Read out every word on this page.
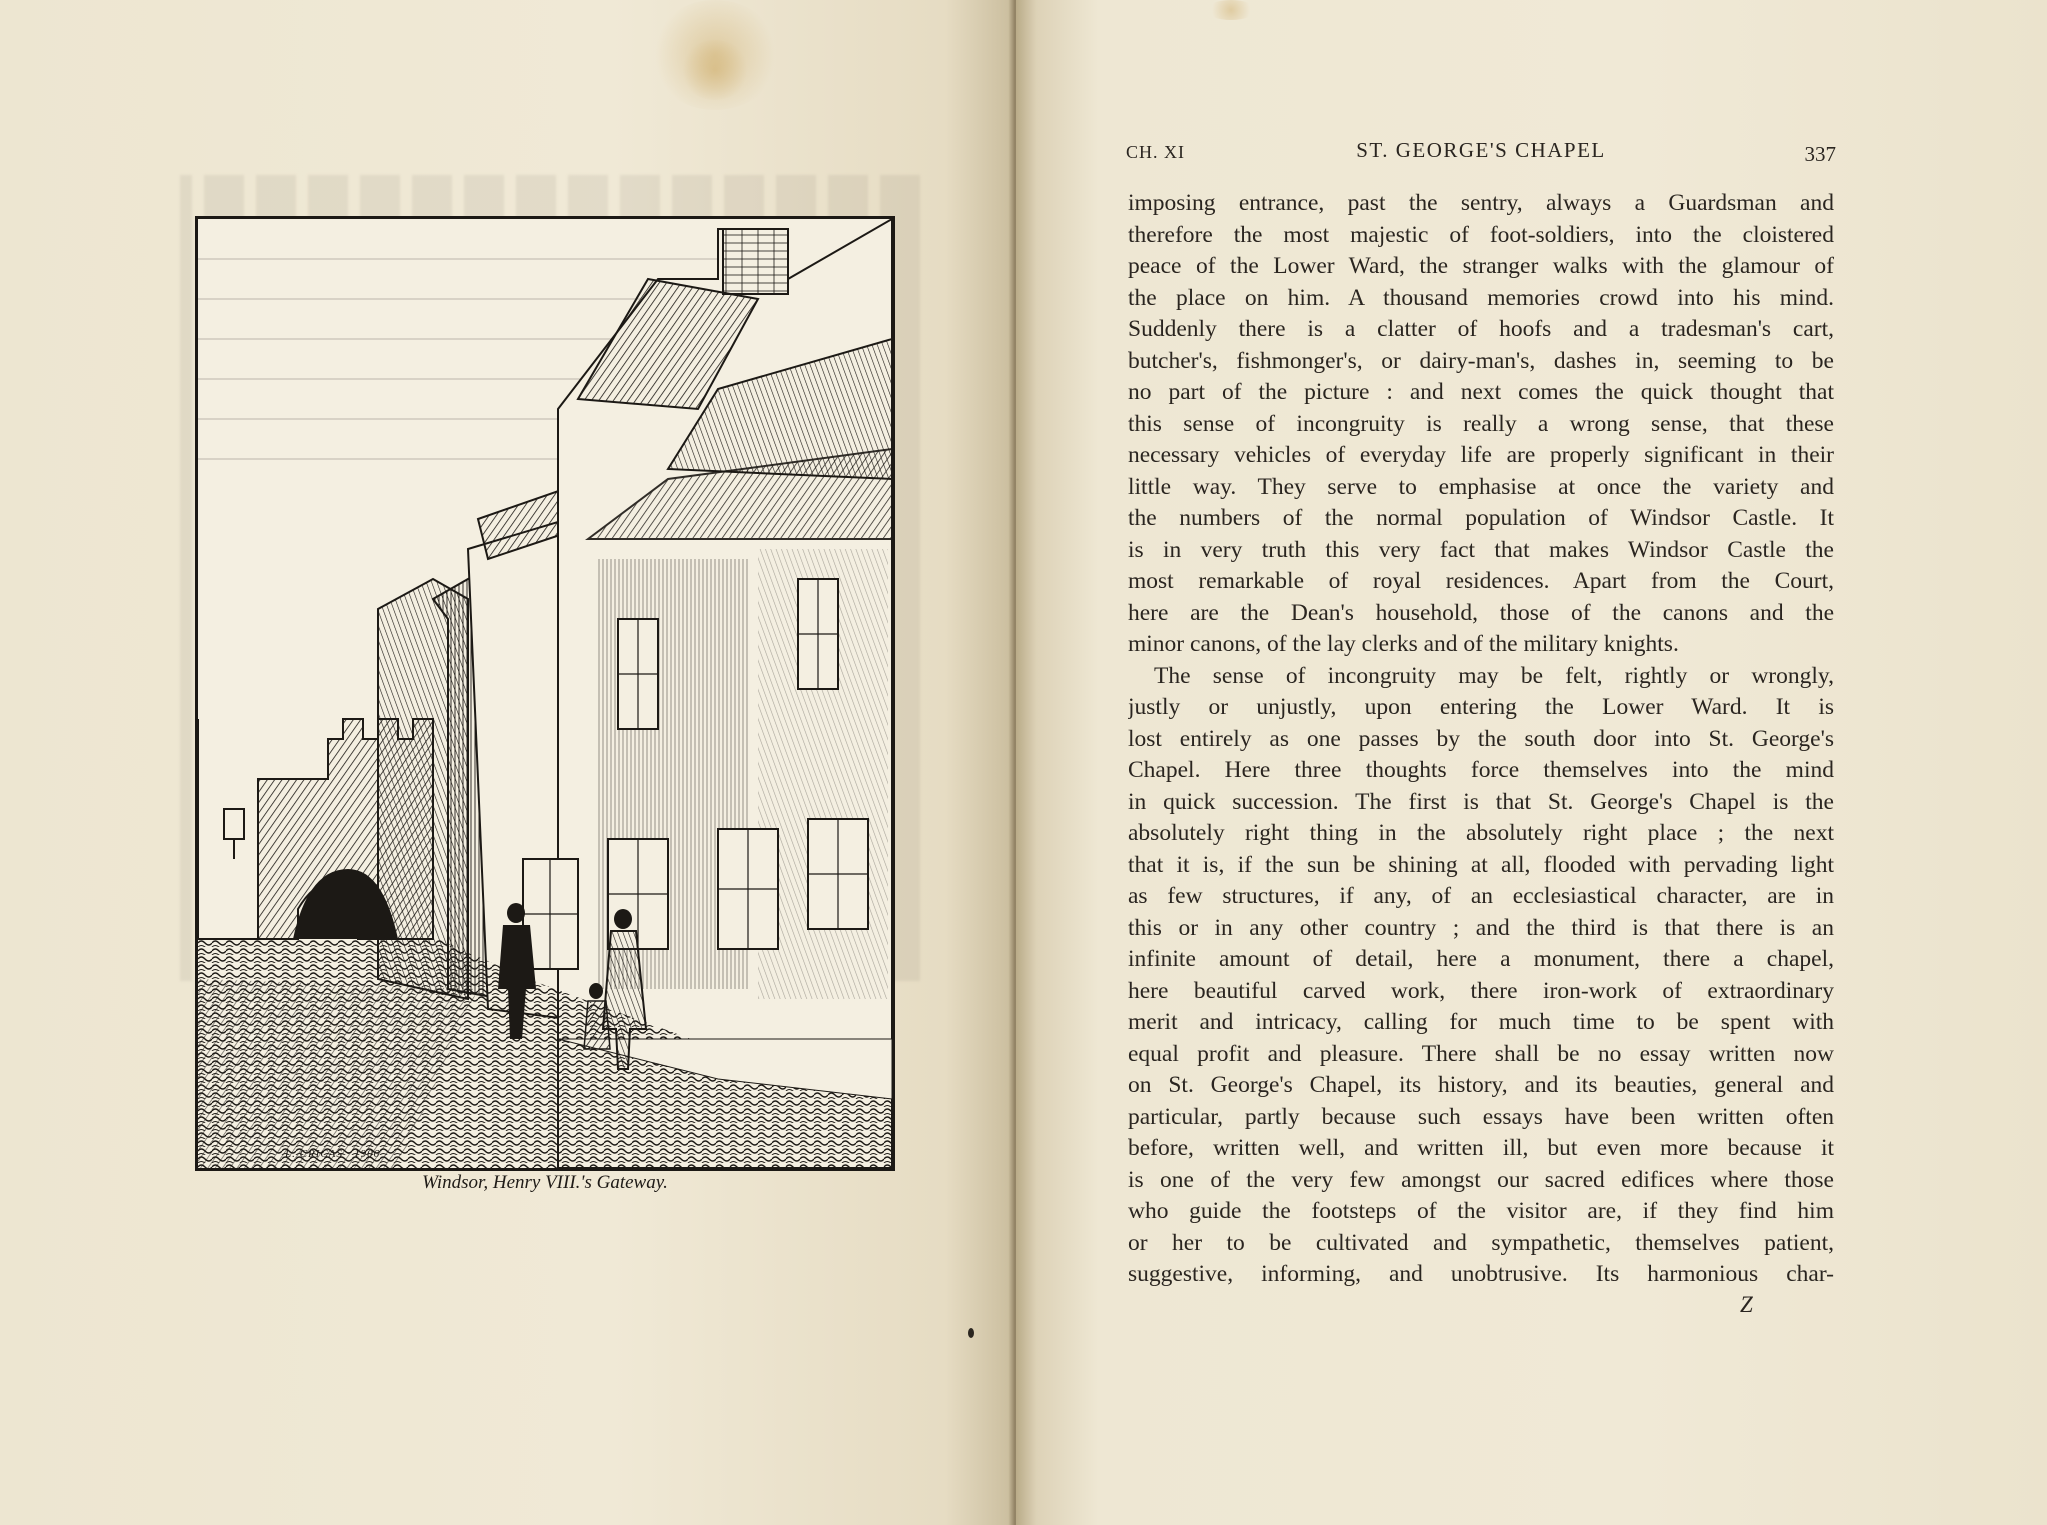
L. CRICAS · 1906
Windsor, Henry VIII.'s Gateway.
CH. XI	ST. GEORGE'S CHAPEL	337
imposing entrance, past the sentry, always a Guardsman and
therefore the most majestic of foot-soldiers, into the cloistered
peace of the Lower Ward, the stranger walks with the glamour of
the place on him. A thousand memories crowd into his mind.
Suddenly there is a clatter of hoofs and a tradesman's cart,
butcher's, fishmonger's, or dairy-man's, dashes in, seeming to be
no part of the picture : and next comes the quick thought that
this sense of incongruity is really a wrong sense, that these
necessary vehicles of everyday life are properly significant in their
little way. They serve to emphasise at once the variety and
the numbers of the normal population of Windsor Castle. It
is in very truth this very fact that makes Windsor Castle the
most remarkable of royal residences. Apart from the Court,
here are the Dean's household, those of the canons and the
minor canons, of the lay clerks and of the military knights.
The sense of incongruity may be felt, rightly or wrongly,
justly or unjustly, upon entering the Lower Ward. It is
lost entirely as one passes by the south door into St. George's
Chapel. Here three thoughts force themselves into the mind
in quick succession. The first is that St. George's Chapel is the
absolutely right thing in the absolutely right place ; the next
that it is, if the sun be shining at all, flooded with pervading light
as few structures, if any, of an ecclesiastical character, are in
this or in any other country ; and the third is that there is an
infinite amount of detail, here a monument, there a chapel,
here beautiful carved work, there iron-work of extraordinary
merit and intricacy, calling for much time to be spent with
equal profit and pleasure. There shall be no essay written now
on St. George's Chapel, its history, and its beauties, general and
particular, partly because such essays have been written often
before, written well, and written ill, but even more because it
is one of the very few amongst our sacred edifices where those
who guide the footsteps of the visitor are, if they find him
or her to be cultivated and sympathetic, themselves patient,
suggestive, informing, and unobtrusive. Its harmonious char-
Z
